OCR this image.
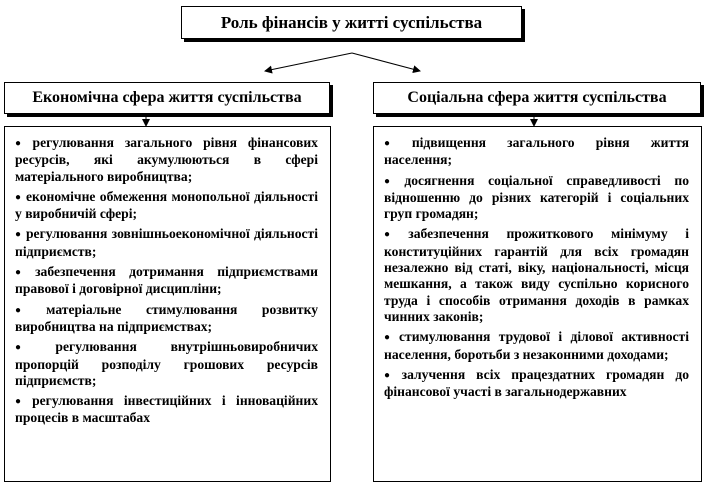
Роль фінансів у житті суспільства
Економічна сфера життя суспільства	Соціальна сфера життя суспільства
● регулювання загального рівня фінансових ресурсів, які акумулюються в сфері матеріального виробництва;
● економічне обмеження монопольної діяльності у виробничій сфері;
● регулювання зовнішньоекономічної діяльності підприємств;
● забезпечення дотримання підприємствами правової і договірної дисципліни;
● матеріальне стимулювання розвитку виробництва на підприємствах;
● регулювання внутрішньовиробничих пропорцій розподілу грошових ресурсів підприємств;
● регулювання інвестиційних і інноваційних процесів в масштабах
● підвищення загального рівня життя населення;
● досягнення соціальної справедливості по відношенню до різних категорій і соціальних груп громадян;
● забезпечення прожиткового мінімуму і конституційних гарантій для всіх громадян незалежно від статі, віку, національності, місця мешкання, а також виду суспільно корисного труда і способів отримання доходів в рамках чинних законів;
● стимулювання трудової і ділової активності населення, боротьби з незаконними доходами;
● залучення всіх працездатних громадян до фінансової участі в загальнодержавних
